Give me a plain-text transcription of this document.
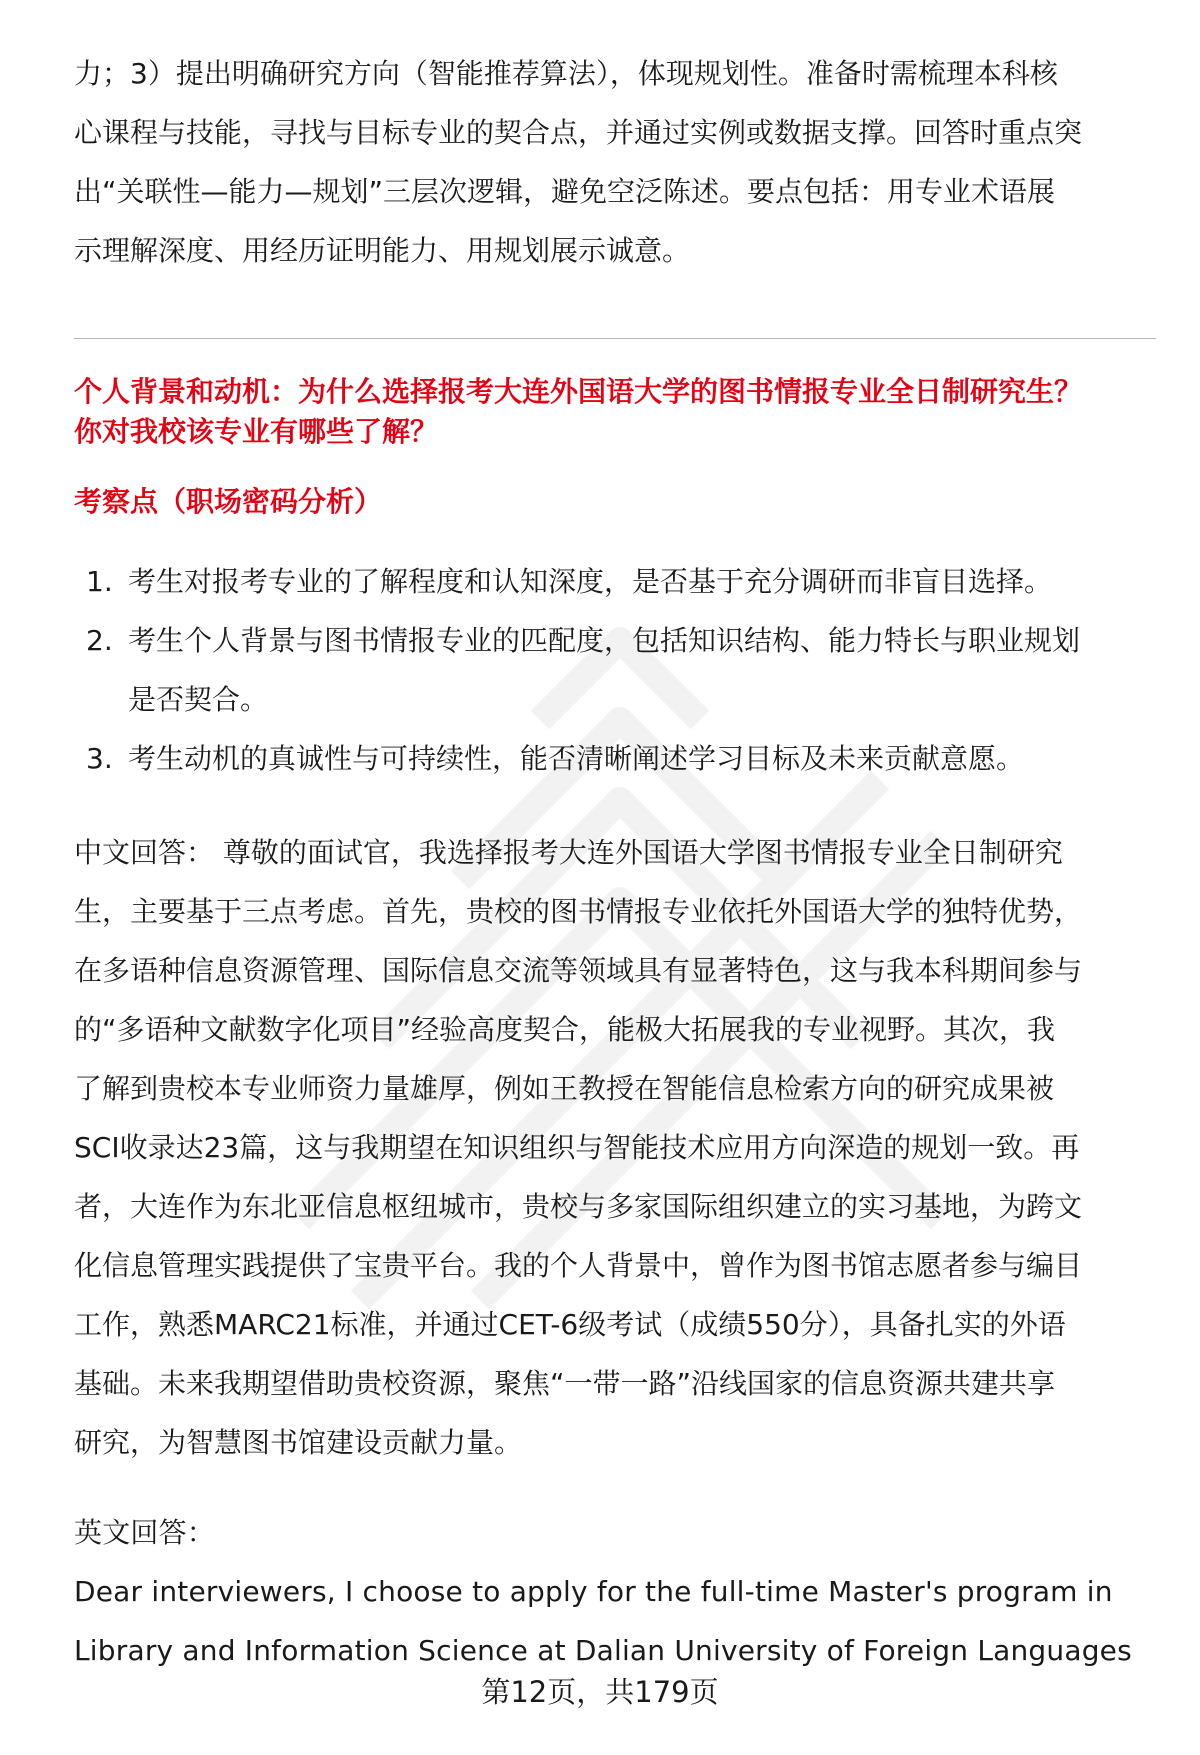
力；3）提出明确研究方向（智能推荐算法），体现规划性。准备时需梳理本科核
心课程与技能，寻找与目标专业的契合点，并通过实例或数据支撑。回答时重点突
出“关联性—能力—规划”三层次逻辑，避免空泛陈述。要点包括：用专业术语展
示理解深度、用经历证明能力、用规划展示诚意。
个人背景和动机：为什么选择报考大连外国语大学的图书情报专业全日制研究生？
你对我校该专业有哪些了解？
考察点（职场密码分析）
1. 考生对报考专业的了解程度和认知深度，是否基于充分调研而非盲目选择。
2. 考生个人背景与图书情报专业的匹配度，包括知识结构、能力特长与职业规划
是否契合。
3. 考生动机的真诚性与可持续性，能否清晰阐述学习目标及未来贡献意愿。
中文回答： 尊敬的面试官，我选择报考大连外国语大学图书情报专业全日制研究
生，主要基于三点考虑。首先，贵校的图书情报专业依托外国语大学的独特优势，
在多语种信息资源管理、国际信息交流等领域具有显著特色，这与我本科期间参与
的“多语种文献数字化项目”经验高度契合，能极大拓展我的专业视野。其次，我
了解到贵校本专业师资力量雄厚，例如王教授在智能信息检索方向的研究成果被
SCI收录达23篇，这与我期望在知识组织与智能技术应用方向深造的规划一致。再
者，大连作为东北亚信息枢纽城市，贵校与多家国际组织建立的实习基地，为跨文
化信息管理实践提供了宝贵平台。我的个人背景中，曾作为图书馆志愿者参与编目
工作，熟悉MARC21标准，并通过CET-6级考试（成绩550分），具备扎实的外语
基础。未来我期望借助贵校资源，聚焦“一带一路”沿线国家的信息资源共建共享
研究，为智慧图书馆建设贡献力量。
英文回答：
Dear interviewers, I choose to apply for the full-time Master's program in
Library and Information Science at Dalian University of Foreign Languages
第12页，共179页
